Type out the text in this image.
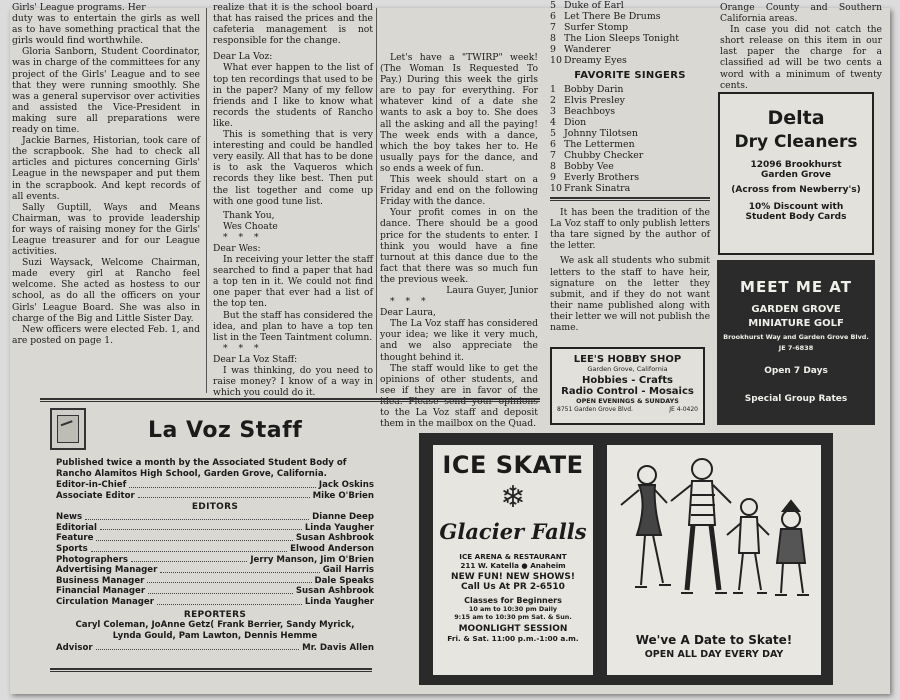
Girls' League programs. Her

duty was to entertain the girls as well as to have something practical that the girls would find worthwhile.

Gloria Sanborn, Student Coordinator, was in charge of the committees for any project of the Girls' League and to see that they were running smoothly. She was a general supervisor over activities and assisted the Vice-President in making sure all preparations were ready on time.

Jackie Barnes, Historian, took care of the scrapbook. She had to check all articles and pictures concerning Girls' League in the newspaper and put them in the scrapbook. And kept records of all events.

Sally Guptill, Ways and Means Chairman, was to provide leadership for ways of raising money for the Girls' League treasurer and for our League activities.

Suzi Waysack, Welcome Chairman, made every girl at Rancho feel welcome. She acted as hostess to our school, as do all the officers on your Girls' League Board. She was also in charge of the Big and Little Sister Day.

New officers were elected Feb. 1, and are posted on page 1.

realize that it is the school board that has raised the prices and the cafeteria management is not responsible for the change.

Dear La Voz:

What ever happen to the list of top ten recordings that used to be in the paper? Many of my fellow friends and I like to know what records the students of Rancho like.

This is something that is very interesting and could be handled very easily. All that has to be done is to ask the Vaqueros which records they like best. Then put the list together and come up with one good tune list.

Thank You,

Wes Choate

* * *

Dear Wes:

In receiving your letter the staff searched to find a paper that had a top ten in it. We could not find one paper that ever had a list of the top ten.

But the staff has considered the idea, and plan to have a top ten list in the Teen Taintment column.

* * *

Dear La Voz Staff:

I was thinking, do you need to raise money? I know of a way in which you could do it.

Let's have a "TWIRP" week! (The Woman Is Requested To Pay.) During this week the girls are to pay for everything. For whatever kind of a date she wants to ask a boy to. She does all the asking and all the paying! The week ends with a dance, which the boy takes her to. He usually pays for the dance, and so ends a week of fun.

This week should start on a Friday and end on the following Friday with the dance.

Your profit comes in on the dance. There should be a good price for the students to enter. I think you would have a fine turnout at this dance due to the fact that there was so much fun the previous week.

Laura Guyer, Junior

* * *

Dear Laura,

The La Voz staff has considered your idea; we like it very much, and we also appreciate the thought behind it.

The staff would like to get the opinions of other students, and see if they are in favor of the idea. Please send your opinions to the La Voz staff and deposit them in the mailbox on the Quad.

5 Duke of Earl
6 Let There Be Drums
7 Surfer Stomp
8 The Lion Sleeps Tonight
9 Wanderer
10 Dreamy Eyes
FAVORITE SINGERS
1 Bobby Darin
2 Elvis Presley
3 Beachboys
4 Dion
5 Johnny Tilotsen
6 The Lettermen
7 Chubby Checker
8 Bobby Vee
9 Everly Brothers
10 Frank Sinatra

It has been the tradition of the La Voz staff to only publish letters tha tare signed by the author of the letter.

We ask all students who submit letters to the staff to have heir, signature on the letter they submit, and if they do not want their name published along with their letter we will not publish the name.

Orange County and Southern California areas.

In case you did not catch the short release on this item in our last paper the charge for a classified ad will be two cents a word with a minimum of twenty cents.

Delta
Dry Cleaners
12096 Brookhurst
Garden Grove
(Across from Newberry's)
10% Discount with
Student Body Cards
MEET ME AT
GARDEN GROVE
MINIATURE GOLF
Brookhurst Way and Garden Grove Blvd.
JE 7-6838
Open 7 Days
Special Group Rates
LEE'S HOBBY SHOP
Garden Grove, California
Hobbies - Crafts
Radio Control - Mosaics
OPEN EVENINGS & SUNDAYS
8751 Garden Grove Blvd.	JE 4-0420
La Voz Staff
Published twice a month by the Associated Student Body of Rancho Alamitos High School, Garden Grove, California.
Editor-in-Chief	Jack Oskins
Associate Editor	Mike O'Brien
EDITORS
News	Dianne Deep
Editorial	Linda Yaugher
Feature	Susan Ashbrook
Sports	Elwood Anderson
Photographers	Jerry Manson, Jim O'Brien
Advertising Manager	Gail Harris
Business Manager	Dale Speaks
Financial Manager	Susan Ashbrook
Circulation Manager	Linda Yaugher
REPORTERS
Caryl Coleman, JoAnne Getz( Frank Berrier, Sandy Myrick,
Lynda Gould, Pam Lawton, Dennis Hemme
Advisor	Mr. Davis Allen
ICE SKATE
❄
Glacier Falls
ICE ARENA & RESTAURANT
211 W. Katella ● Anaheim
NEW FUN! NEW SHOWS!
Call Us At PR 2-6510
Classes for Beginners
10 am to 10:30 pm Daily
9:15 am to 10:30 pm Sat. & Sun.
MOONLIGHT SESSION
Fri. & Sat. 11:00 p.m.-1:00 a.m.	We've A Date to Skate!
OPEN ALL DAY EVERY DAY
